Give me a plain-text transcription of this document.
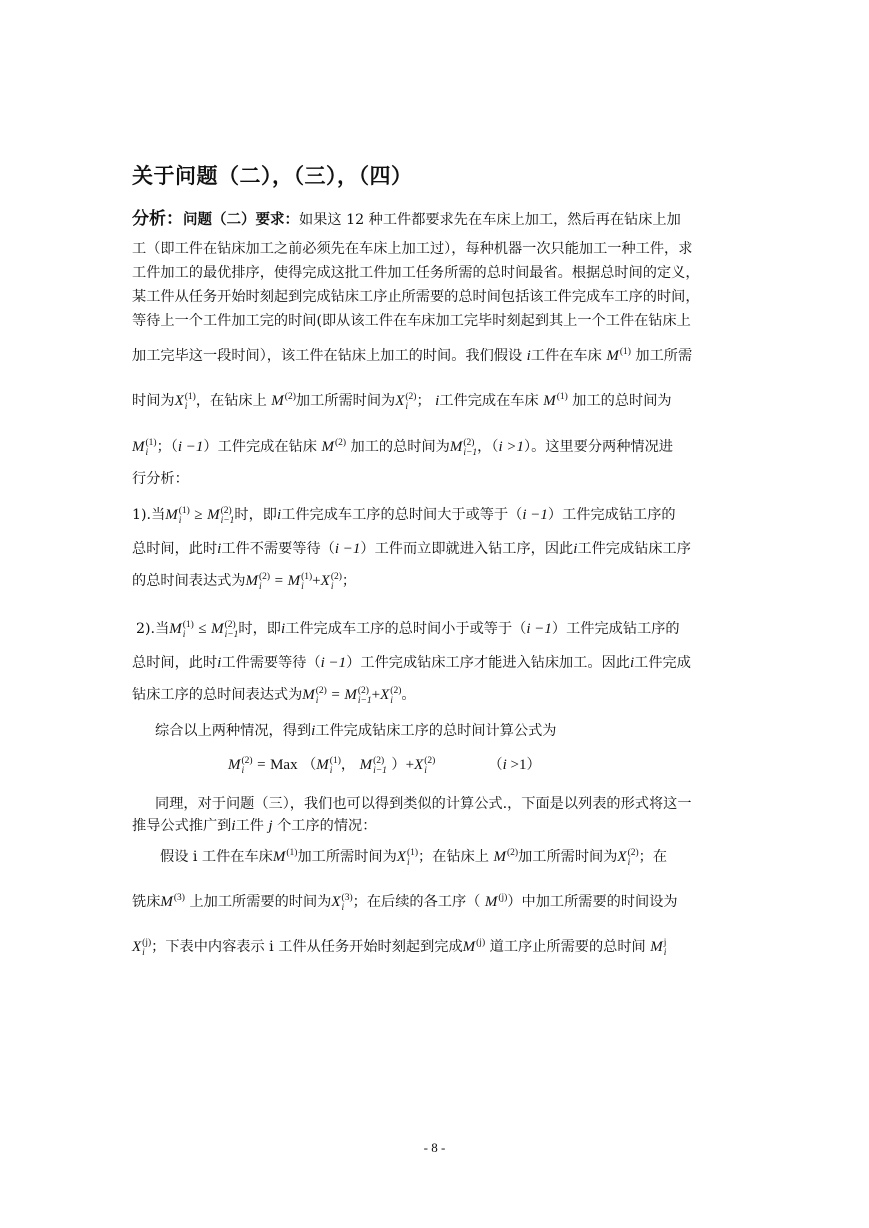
关于问题（二），（三），（四）
分析：问题（二）要求：如果这 12 种工件都要求先在车床上加工，然后再在钻床上加
工（即工件在钻床加工之前必须先在车床上加工过），每种机器一次只能加工一种工件，求
工件加工的最优排序，使得完成这批工件加工任务所需的总时间最省。根据总时间的定义，
某工件从任务开始时刻起到完成钻床工序止所需要的总时间包括该工件完成车工序的时间，
等待上一个工件加工完的时间(即从该工件在车床加工完毕时刻起到其上一个工件在钻床上
加工完毕这一段时间），该工件在钻床上加工的时间。我们假设 i工件在车床 M (1)
加工所需
时间为X (1)
i ，在钻床上 M (2)
加工所需时间为X (2)
i ； i工件完成在车床 M (1)
加工的总时间为
M (1)
i ；（i −1）工件完成在钻床 M (2)
加工的总时间为M (2)
i−1 ，（i >1）。这里要分两种情况进
行分析：
1).当M (1)
i ≥ M (2)
i−1 时，即i工件完成车工序的总时间大于或等于（i −1）工件完成钻工序的
总时间，此时i工件不需要等待（i −1）工件而立即就进入钻工序，因此i工件完成钻床工序
的总时间表达式为M (2)
i = M (1)
i +X (2)
i ；
2).当M (1)
i ≤ M (2)
i−1 时，即i工件完成车工序的总时间小于或等于（i −1）工件完成钻工序的
总时间，此时i工件需要等待（i −1）工件完成钻床工序才能进入钻床加工。因此i工件完成
钻床工序的总时间表达式为M (2)
i = M (2)
i−1 +X (2)
i 。
综合以上两种情况，得到i工件完成钻床工序的总时间计算公式为
M (2)
i = Max （M (1)
i ， M (2)
i−1 ）+X (2)
i	（i >1）
同理，对于问题（三），我们也可以得到类似的计算公式.，下面是以列表的形式将这一
推导公式推广到i工件 j 个工序的情况：
假设 i 工件在车床M (1)
加工所需时间为X (1)
i ；在钻床上 M (2)
加工所需时间为X (2)
i ；在
铣床M (3)
上加工所需要的时间为X (3)
i ；在后续的各工序（ M (j)
）中加工所需要的时间设为
X (j)
i ；下表中内容表示 i 工件从任务开始时刻起到完成M (j)
道工序止所需要的总时间 M j
i
- 8 -
